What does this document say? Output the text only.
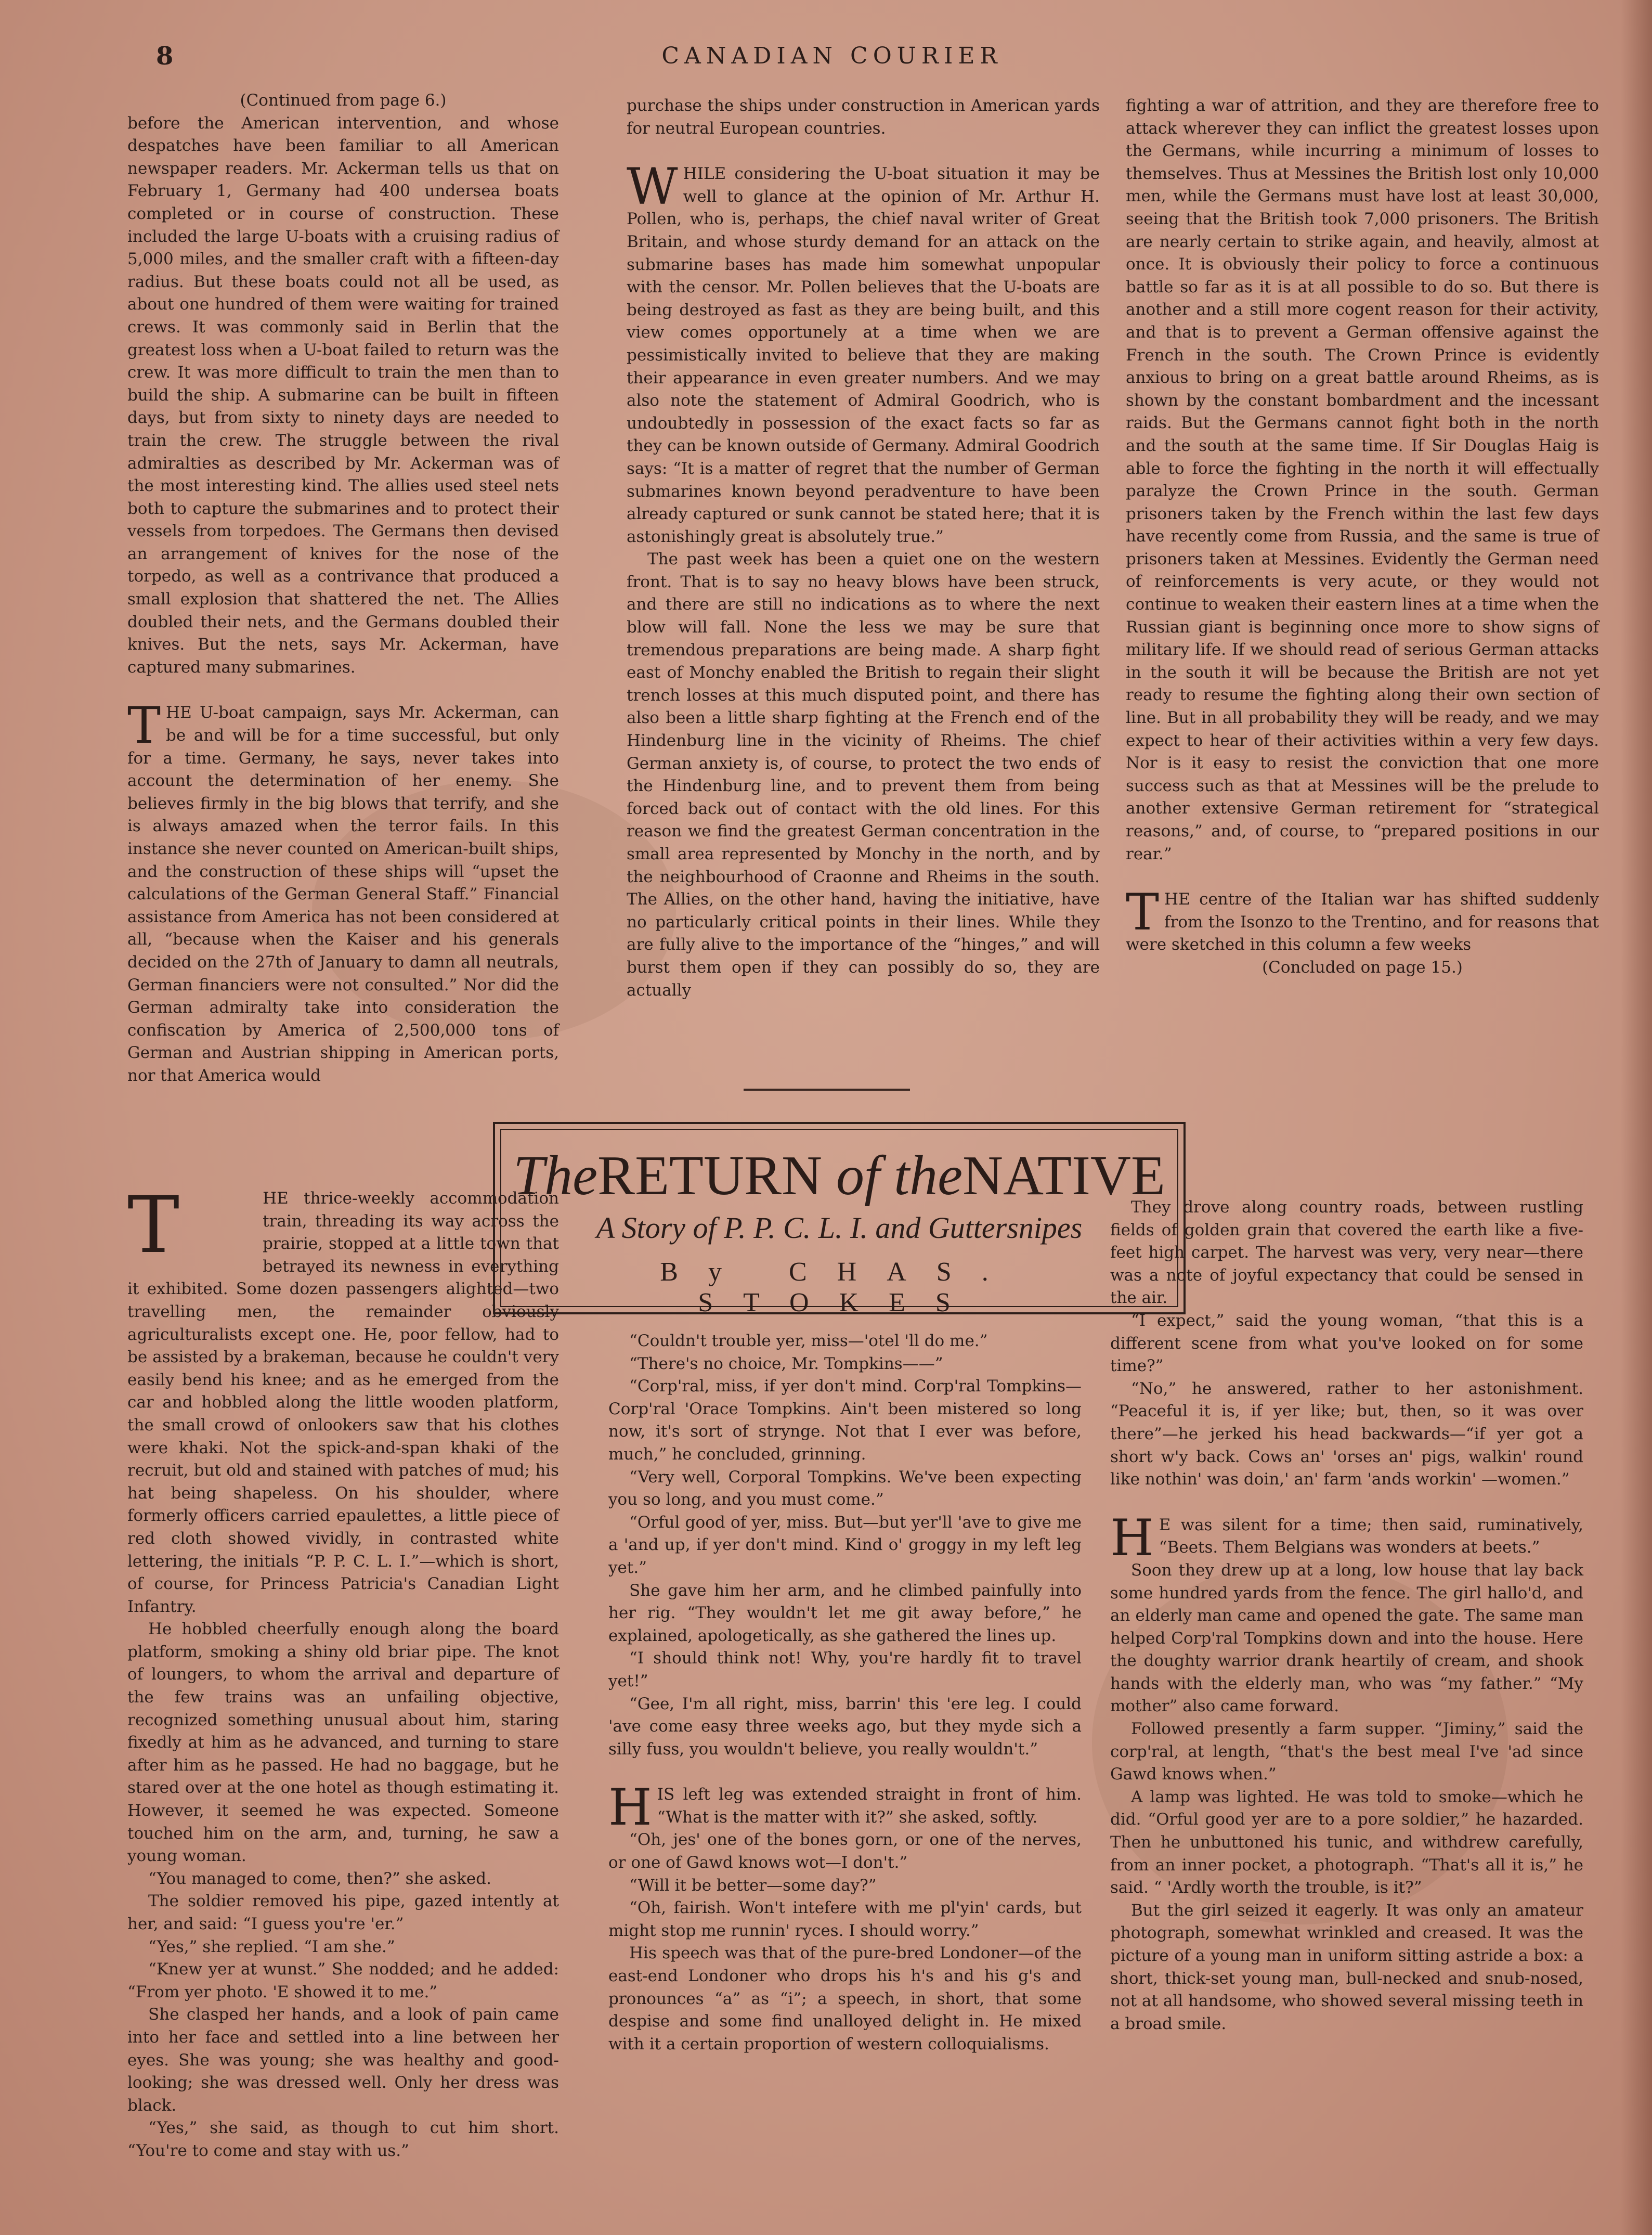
8	CANADIAN COURIER

(Continued from page 6.)

before the American intervention, and whose despatches have been familiar to all American newspaper readers. Mr. Ackerman tells us that on February 1, Germany had 400 undersea boats completed or in course of construction. These included the large U-boats with a cruising radius of 5,000 miles, and the smaller craft with a fifteen-day radius. But these boats could not all be used, as about one hundred of them were waiting for trained crews. It was commonly said in Berlin that the greatest loss when a U-boat failed to return was the crew. It was more difficult to train the men than to build the ship. A submarine can be built in fifteen days, but from sixty to ninety days are needed to train the crew. The struggle between the rival admiralties as described by Mr. Ackerman was of the most interesting kind. The allies used steel nets both to capture the submarines and to protect their vessels from torpedoes. The Germans then devised an arrangement of knives for the nose of the torpedo, as well as a contrivance that produced a small explosion that shattered the net. The Allies doubled their nets, and the Germans doubled their knives. But the nets, says Mr. Ackerman, have captured many submarines.

THE U-boat campaign, says Mr. Ackerman, can be and will be for a time successful, but only for a time. Germany, he says, never takes into account the determination of her enemy. She believes firmly in the big blows that terrify, and she is always amazed when the terror fails. In this instance she never counted on American-built ships, and the construction of these ships will “upset the calculations of the German General Staff.” Financial assistance from America has not been considered at all, “because when the Kaiser and his generals decided on the 27th of January to damn all neutrals, German financiers were not consulted.” Nor did the German admiralty take into consideration the confiscation by America of 2,500,000 tons of German and Austrian shipping in American ports, nor that America would

purchase the ships under construction in American yards for neutral European countries.

WHILE considering the U-boat situation it may be well to glance at the opinion of Mr. Arthur H. Pollen, who is, perhaps, the chief naval writer of Great Britain, and whose sturdy demand for an attack on the submarine bases has made him somewhat unpopular with the censor. Mr. Pollen believes that the U-boats are being destroyed as fast as they are being built, and this view comes opportunely at a time when we are pessimistically invited to believe that they are making their appearance in even greater numbers. And we may also note the statement of Admiral Goodrich, who is undoubtedly in possession of the exact facts so far as they can be known outside of Germany. Admiral Goodrich says: “It is a matter of regret that the number of German submarines known beyond peradventure to have been already captured or sunk cannot be stated here; that it is astonishingly great is absolutely true.”

The past week has been a quiet one on the western front. That is to say no heavy blows have been struck, and there are still no indications as to where the next blow will fall. None the less we may be sure that tremendous preparations are being made. A sharp fight east of Monchy enabled the British to regain their slight trench losses at this much disputed point, and there has also been a little sharp fighting at the French end of the Hindenburg line in the vicinity of Rheims. The chief German anxiety is, of course, to protect the two ends of the Hindenburg line, and to prevent them from being forced back out of contact with the old lines. For this reason we find the greatest German concentration in the small area represented by Monchy in the north, and by the neighbourhood of Craonne and Rheims in the south. The Allies, on the other hand, having the initiative, have no particularly critical points in their lines. While they are fully alive to the importance of the “hinges,” and will burst them open if they can possibly do so, they are actually

fighting a war of attrition, and they are therefore free to attack wherever they can inflict the greatest losses upon the Germans, while incurring a minimum of losses to themselves. Thus at Messines the British lost only 10,000 men, while the Germans must have lost at least 30,000, seeing that the British took 7,000 prisoners. The British are nearly certain to strike again, and heavily, almost at once. It is obviously their policy to force a continuous battle so far as it is at all possible to do so. But there is another and a still more cogent reason for their activity, and that is to prevent a German offensive against the French in the south. The Crown Prince is evidently anxious to bring on a great battle around Rheims, as is shown by the constant bombardment and the incessant raids. But the Germans cannot fight both in the north and the south at the same time. If Sir Douglas Haig is able to force the fighting in the north it will effectually paralyze the Crown Prince in the south. German prisoners taken by the French within the last few days have recently come from Russia, and the same is true of prisoners taken at Messines. Evidently the German need of reinforcements is very acute, or they would not continue to weaken their eastern lines at a time when the Russian giant is beginning once more to show signs of military life. If we should read of serious German attacks in the south it will be because the British are not yet ready to resume the fighting along their own section of line. But in all probability they will be ready, and we may expect to hear of their activities within a very few days. Nor is it easy to resist the conviction that one more success such as that at Messines will be the prelude to another extensive German retirement for “strategical reasons,” and, of course, to “prepared positions in our rear.”

THE centre of the Italian war has shifted suddenly from the Isonzo to the Trentino, and for reasons that were sketched in this column a few weeks

(Concluded on page 15.)

TheRETURN of theNATIVE
A Story of P. P. C. L. I. and Guttersnipes
By CHAS. STOKES

T	HE thrice-weekly accommodation train, threading its way across the prairie, stopped at a little town that betrayed its newness in everything it exhibited. Some dozen passengers alighted—two travelling men, the remainder obviously agriculturalists except one. He, poor fellow, had to be assisted by a brakeman, because he couldn't very easily bend his knee; and as he emerged from the car and hobbled along the little wooden platform, the small crowd of onlookers saw that his clothes were khaki. Not the spick-and-span khaki of the recruit, but old and stained with patches of mud; his hat being shapeless. On his shoulder, where formerly officers carried epaulettes, a little piece of red cloth showed vividly, in contrasted white lettering, the initials “P. P. C. L. I.”—which is short, of course, for Princess Patricia's Canadian Light Infantry.

He hobbled cheerfully enough along the board platform, smoking a shiny old briar pipe. The knot of loungers, to whom the arrival and departure of the few trains was an unfailing objective, recognized something unusual about him, staring fixedly at him as he advanced, and turning to stare after him as he passed. He had no baggage, but he stared over at the one hotel as though estimating it. However, it seemed he was expected. Someone touched him on the arm, and, turning, he saw a young woman.

“You managed to come, then?” she asked.

The soldier removed his pipe, gazed intently at her, and said: “I guess you're 'er.”

“Yes,” she replied. “I am she.”

“Knew yer at wunst.” She nodded; and he added: “From yer photo. 'E showed it to me.”

She clasped her hands, and a look of pain came into her face and settled into a line between her eyes. She was young; she was healthy and good-looking; she was dressed well. Only her dress was black.

“Yes,” she said, as though to cut him short. “You're to come and stay with us.”

“Couldn't trouble yer, miss—'otel 'll do me.”

“There's no choice, Mr. Tompkins——”

“Corp'ral, miss, if yer don't mind. Corp'ral Tompkins—Corp'ral 'Orace Tompkins. Ain't been mistered so long now, it's sort of strynge. Not that I ever was before, much,” he concluded, grinning.

“Very well, Corporal Tompkins. We've been expecting you so long, and you must come.”

“Orful good of yer, miss. But—but yer'll 'ave to give me a 'and up, if yer don't mind. Kind o' groggy in my left leg yet.”

She gave him her arm, and he climbed painfully into her rig. “They wouldn't let me git away before,” he explained, apologetically, as she gathered the lines up.

“I should think not! Why, you're hardly fit to travel yet!”

“Gee, I'm all right, miss, barrin' this 'ere leg. I could 'ave come easy three weeks ago, but they myde sich a silly fuss, you wouldn't believe, you really wouldn't.”

HIS left leg was extended straight in front of him. “What is the matter with it?” she asked, softly.

“Oh, jes' one of the bones gorn, or one of the nerves, or one of Gawd knows wot—I don't.”

“Will it be better—some day?”

“Oh, fairish. Won't intefere with me pl'yin' cards, but might stop me runnin' ryces. I should worry.”

His speech was that of the pure-bred Londoner—of the east-end Londoner who drops his h's and his g's and pronounces “a” as “i”; a speech, in short, that some despise and some find unalloyed delight in. He mixed with it a certain proportion of western colloquialisms.

They drove along country roads, between rustling fields of golden grain that covered the earth like a five-feet high carpet. The harvest was very, very near—there was a note of joyful expectancy that could be sensed in the air.

“I expect,” said the young woman, “that this is a different scene from what you've looked on for some time?”

“No,” he answered, rather to her astonishment. “Peaceful it is, if yer like; but, then, so it was over there”—he jerked his head backwards—“if yer got a short w'y back. Cows an' 'orses an' pigs, walkin' round like nothin' was doin,' an' farm 'ands workin' —women.”

H E was silent for a time; then said, ruminatively, “Beets. Them Belgians was wonders at beets.”

Soon they drew up at a long, low house that lay back some hundred yards from the fence. The girl hallo'd, and an elderly man came and opened the gate. The same man helped Corp'ral Tompkins down and into the house. Here the doughty warrior drank heartily of cream, and shook hands with the elderly man, who was “my father.” “My mother” also came forward.

Followed presently a farm supper. “Jiminy,” said the corp'ral, at length, “that's the best meal I've 'ad since Gawd knows when.”

A lamp was lighted. He was told to smoke—which he did. “Orful good yer are to a pore soldier,” he hazarded. Then he unbuttoned his tunic, and withdrew carefully, from an inner pocket, a photograph. “That's all it is,” he said. “ 'Ardly worth the trouble, is it?”

But the girl seized it eagerly. It was only an amateur photograph, somewhat wrinkled and creased. It was the picture of a young man in uniform sitting astride a box: a short, thick-set young man, bull-necked and snub-nosed, not at all handsome, who showed several missing teeth in a broad smile.
